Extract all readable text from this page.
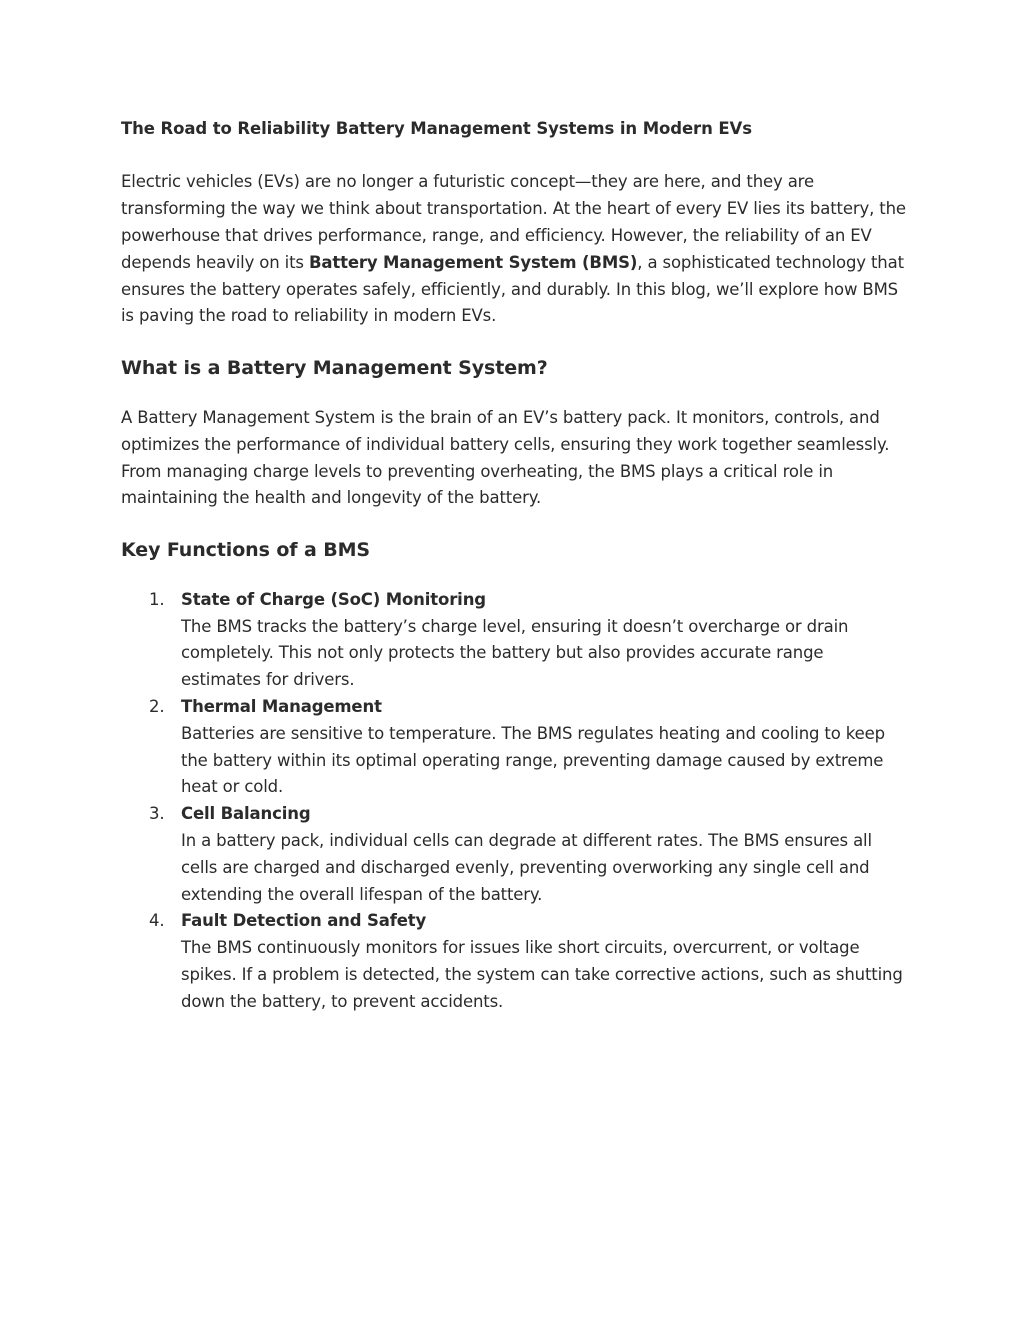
The Road to Reliability Battery Management Systems in Modern EVs

Electric vehicles (EVs) are no longer a futuristic concept—they are here, and they are transforming the way we think about transportation. At the heart of every EV lies its battery, the powerhouse that drives performance, range, and efficiency. However, the reliability of an EV depends heavily on its Battery Management System (BMS), a sophisticated technology that ensures the battery operates safely, efficiently, and durably. In this blog, we’ll explore how BMS is paving the road to reliability in modern EVs.

What is a Battery Management System?

A Battery Management System is the brain of an EV’s battery pack. It monitors, controls, and optimizes the performance of individual battery cells, ensuring they work together seamlessly. From managing charge levels to preventing overheating, the BMS plays a critical role in maintaining the health and longevity of the battery.

Key Functions of a BMS
1. State of Charge (SoC) Monitoring
The BMS tracks the battery’s charge level, ensuring it doesn’t overcharge or drain completely. This not only protects the battery but also provides accurate range estimates for drivers.
2. Thermal Management
Batteries are sensitive to temperature. The BMS regulates heating and cooling to keep the battery within its optimal operating range, preventing damage caused by extreme heat or cold.
3. Cell Balancing
In a battery pack, individual cells can degrade at different rates. The BMS ensures all cells are charged and discharged evenly, preventing overworking any single cell and extending the overall lifespan of the battery.
4. Fault Detection and Safety
The BMS continuously monitors for issues like short circuits, overcurrent, or voltage spikes. If a problem is detected, the system can take corrective actions, such as shutting down the battery, to prevent accidents.
